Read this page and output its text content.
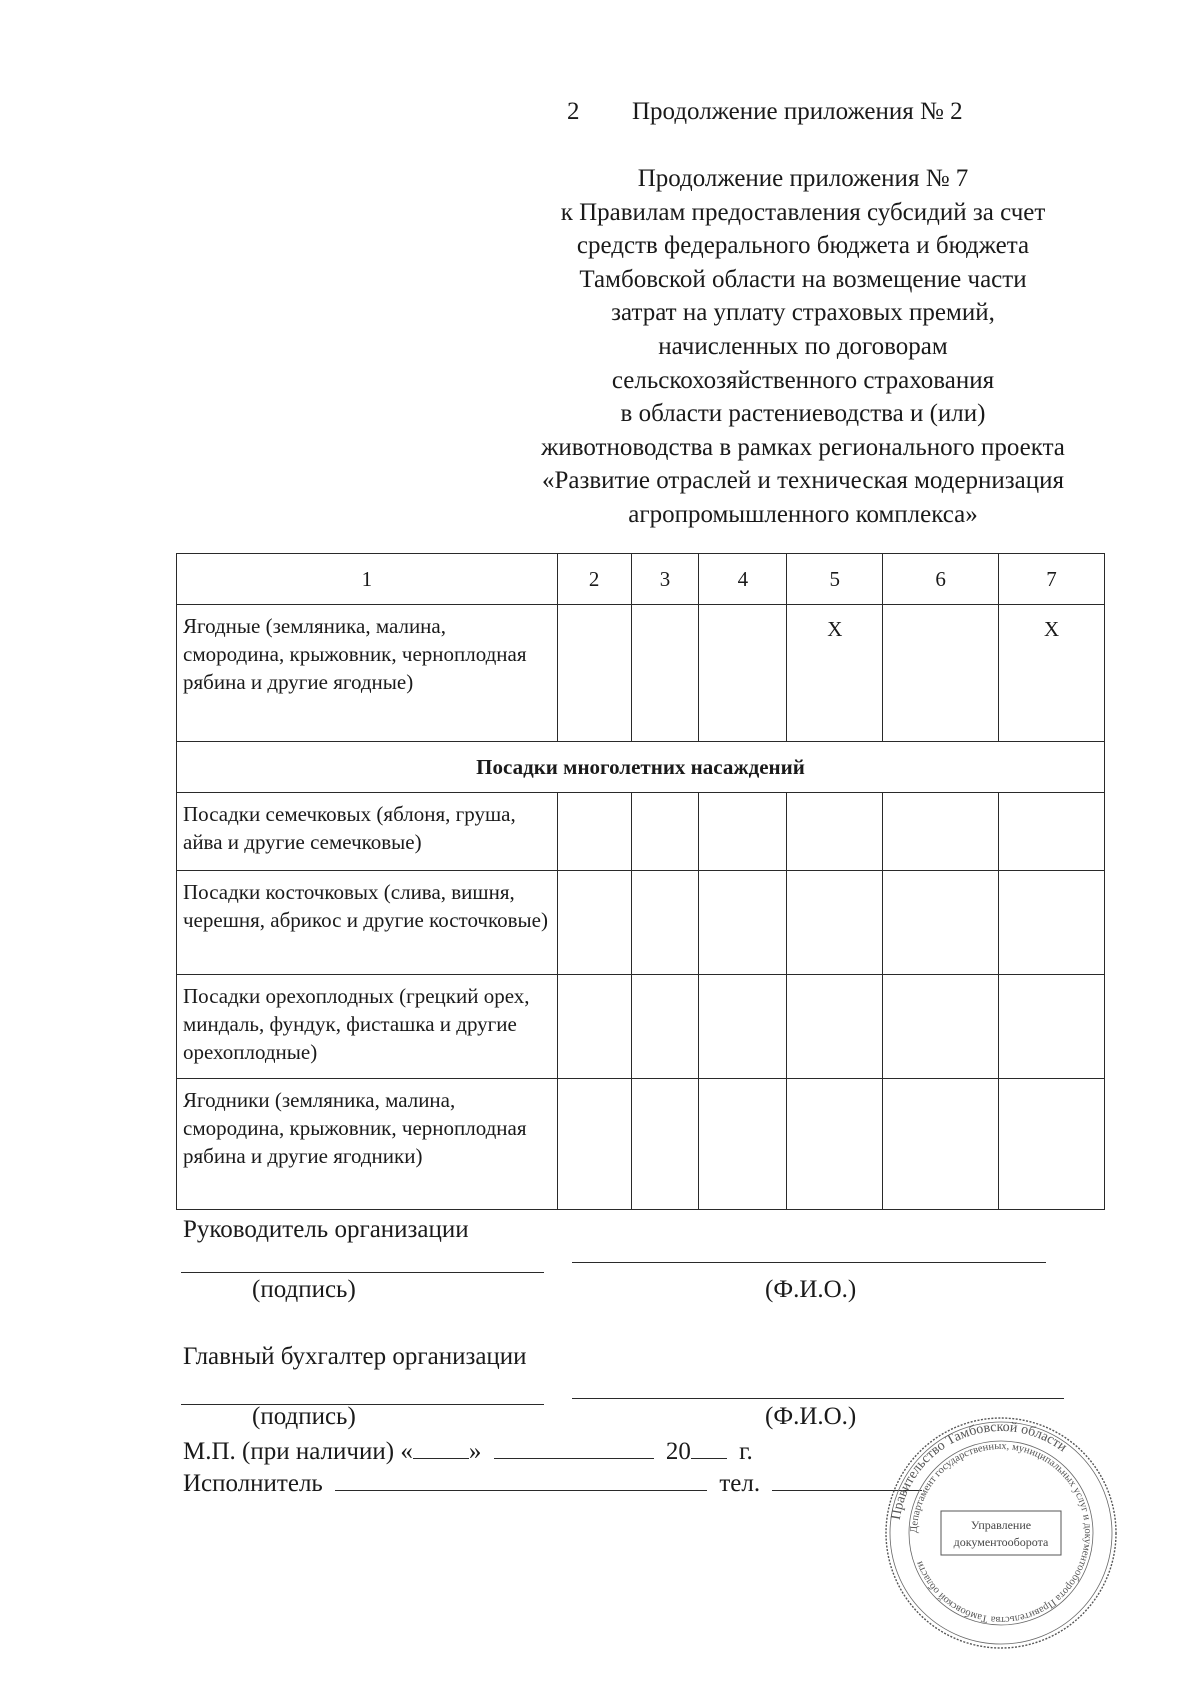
2 Продолжение приложения № 2
Продолжение приложения № 7
к Правилам предоставления субсидий за счет
средств федерального бюджета и бюджета
Тамбовской области на возмещение части
затрат на уплату страховых премий,
начисленных по договорам
сельскохозяйственного страхования
в области растениеводства и (или)
животноводства в рамках регионального проекта
«Развитие отраслей и техническая модернизация
агропромышленного комплекса»
1	2	3	4	5	6	7
Ягодные (земляника, малина, смородина, крыжовник, черноплодная рябина и другие ягодные)				Х		Х
Посадки многолетних насаждений						
Посадки семечковых (яблоня, груша, айва и другие семечковые)						
Посадки косточковых (слива, вишня, черешня, абрикос и другие косточковые)						
Посадки орехоплодных (грецкий орех, миндаль, фундук, фисташка и другие орехоплодные)						
Ягодники (земляника, малина, смородина, крыжовник, черноплодная рябина и другие ягодники)						
Руководитель организации
(подпись)	(Ф.И.О.)
Главный бухгалтер организации
(подпись)	(Ф.И.О.)
М.П. (при наличии) « »	20 г.
Исполнитель	тел.
Правительство Тамбовской области
Департамент государственных, муниципальных услуг и документооборота Правительства Тамбовской области
Управление
документооборота
